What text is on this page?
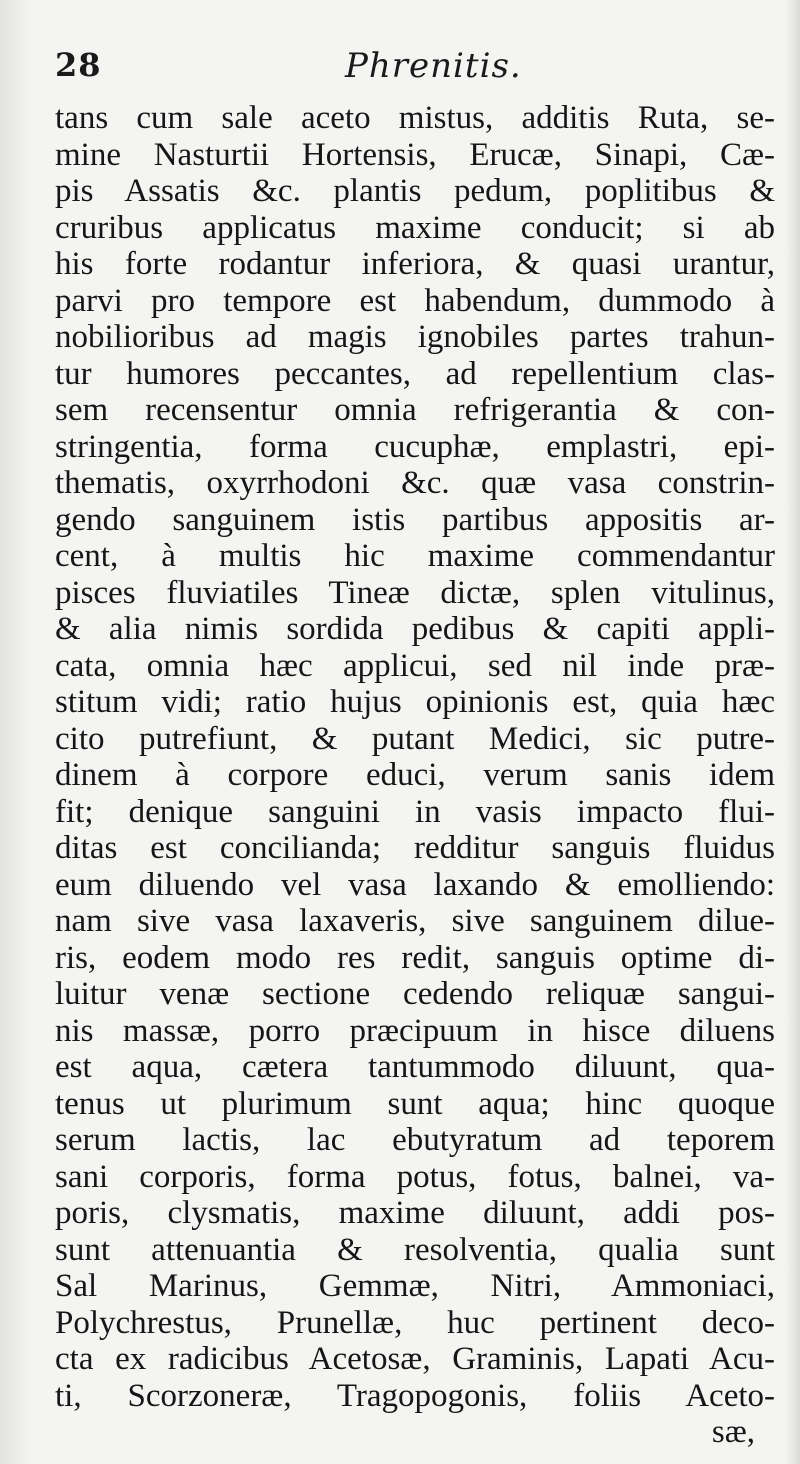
28	Phrenitis.
tans cum sale aceto mistus, additis Ruta, se-
mine Nasturtii Hortensis, Erucæ, Sinapi, Cæ-
pis Assatis &c. plantis pedum, poplitibus &
cruribus applicatus maxime conducit; si ab
his forte rodantur inferiora, & quasi urantur,
parvi pro tempore est habendum, dummodo à
nobilioribus ad magis ignobiles partes trahun-
tur humores peccantes, ad repellentium clas-
sem recensentur omnia refrigerantia & con-
stringentia, forma cucuphæ, emplastri, epi-
thematis, oxyrrhodoni &c. quæ vasa constrin-
gendo sanguinem istis partibus appositis ar-
cent, à multis hic maxime commendantur
pisces fluviatiles Tineæ dictæ, splen vitulinus,
& alia nimis sordida pedibus & capiti appli-
cata, omnia hæc applicui, sed nil inde præ-
stitum vidi; ratio hujus opinionis est, quia hæc
cito putrefiunt, & putant Medici, sic putre-
dinem à corpore educi, verum sanis idem
fit; denique sanguini in vasis impacto flui-
ditas est concilianda; redditur sanguis fluidus
eum diluendo vel vasa laxando & emolliendo:
nam sive vasa laxaveris, sive sanguinem dilue-
ris, eodem modo res redit, sanguis optime di-
luitur venæ sectione cedendo reliquæ sangui-
nis massæ, porro præcipuum in hisce diluens
est aqua, cætera tantummodo diluunt, qua-
tenus ut plurimum sunt aqua; hinc quoque
serum lactis, lac ebutyratum ad teporem
sani corporis, forma potus, fotus, balnei, va-
poris, clysmatis, maxime diluunt, addi pos-
sunt attenuantia & resolventia, qualia sunt
Sal Marinus, Gemmæ, Nitri, Ammoniaci,
Polychrestus, Prunellæ, huc pertinent deco-
cta ex radicibus Acetosæ, Graminis, Lapati Acu-
ti, Scorzoneræ, Tragopogonis, foliis Aceto-
sæ,
